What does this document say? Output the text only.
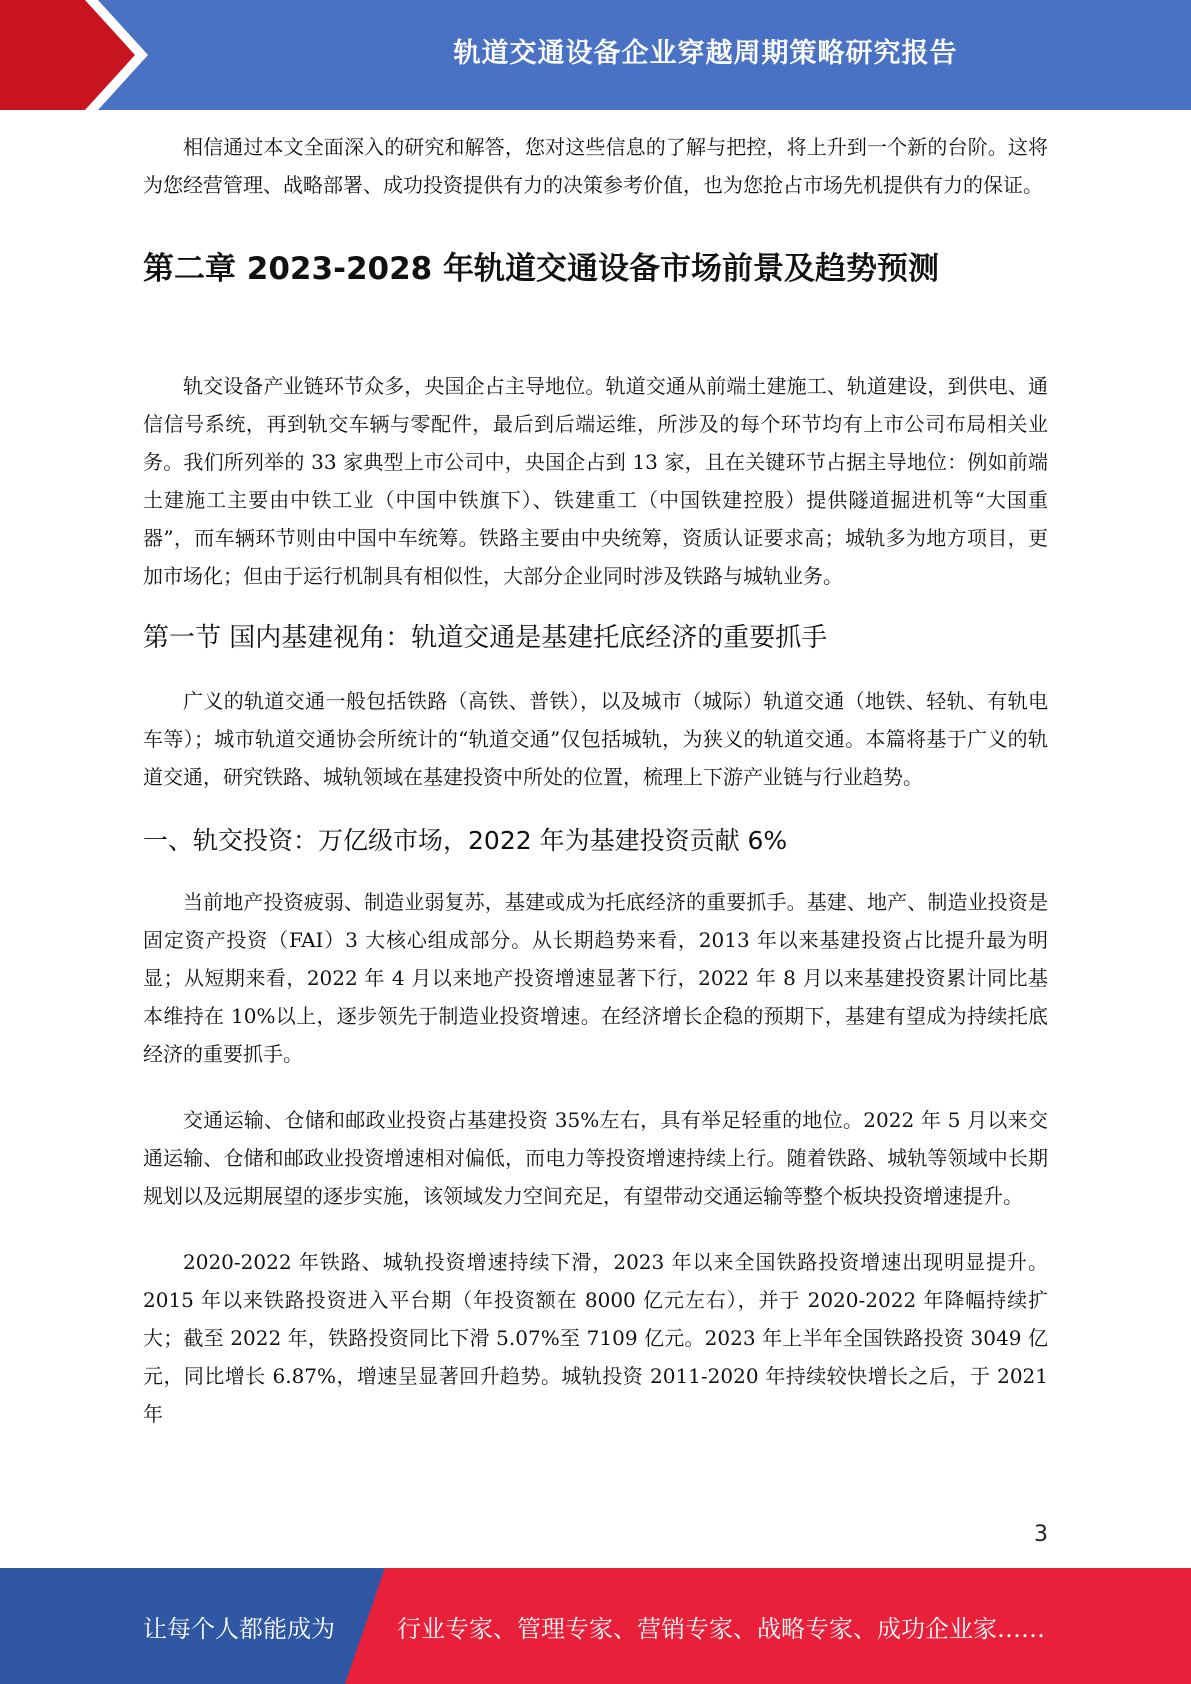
轨道交通设备企业穿越周期策略研究报告

相信通过本文全面深入的研究和解答，您对这些信息的了解与把控，将上升到一个新的台阶。这将为您经营管理、战略部署、成功投资提供有力的决策参考价值，也为您抢占市场先机提供有力的保证。

第二章 2023-2028 年轨道交通设备市场前景及趋势预测

轨交设备产业链环节众多，央国企占主导地位。轨道交通从前端土建施工、轨道建设，到供电、通信信号系统，再到轨交车辆与零配件，最后到后端运维，所涉及的每个环节均有上市公司布局相关业务。我们所列举的 33 家典型上市公司中，央国企占到 13 家，且在关键环节占据主导地位：例如前端土建施工主要由中铁工业（中国中铁旗下）、铁建重工（中国铁建控股）提供隧道掘进机等“大国重器”，而车辆环节则由中国中车统筹。铁路主要由中央统筹，资质认证要求高；城轨多为地方项目，更加市场化；但由于运行机制具有相似性，大部分企业同时涉及铁路与城轨业务。

第一节 国内基建视角：轨道交通是基建托底经济的重要抓手

广义的轨道交通一般包括铁路（高铁、普铁），以及城市（城际）轨道交通（地铁、轻轨、有轨电车等）；城市轨道交通协会所统计的“轨道交通”仅包括城轨，为狭义的轨道交通。本篇将基于广义的轨道交通，研究铁路、城轨领域在基建投资中所处的位置，梳理上下游产业链与行业趋势。

一、轨交投资：万亿级市场，2022 年为基建投资贡献 6%

当前地产投资疲弱、制造业弱复苏，基建或成为托底经济的重要抓手。基建、地产、制造业投资是固定资产投资（FAI）3 大核心组成部分。从长期趋势来看，2013 年以来基建投资占比提升最为明显；从短期来看，2022 年 4 月以来地产投资增速显著下行，2022 年 8 月以来基建投资累计同比基本维持在 10%以上，逐步领先于制造业投资增速。在经济增长企稳的预期下，基建有望成为持续托底经济的重要抓手。

交通运输、仓储和邮政业投资占基建投资 35%左右，具有举足轻重的地位。2022 年 5 月以来交通运输、仓储和邮政业投资增速相对偏低，而电力等投资增速持续上行。随着铁路、城轨等领域中长期规划以及远期展望的逐步实施，该领域发力空间充足，有望带动交通运输等整个板块投资增速提升。

2020-2022 年铁路、城轨投资增速持续下滑，2023 年以来全国铁路投资增速出现明显提升。2015 年以来铁路投资进入平台期（年投资额在 8000 亿元左右），并于 2020-2022 年降幅持续扩大；截至 2022 年，铁路投资同比下滑 5.07%至 7109 亿元。2023 年上半年全国铁路投资 3049 亿元，同比增长 6.87%，增速呈显著回升趋势。城轨投资 2011-2020 年持续较快增长之后，于 2021 年

3
让每个人都能成为	行业专家、管理专家、营销专家、战略专家、成功企业家……
